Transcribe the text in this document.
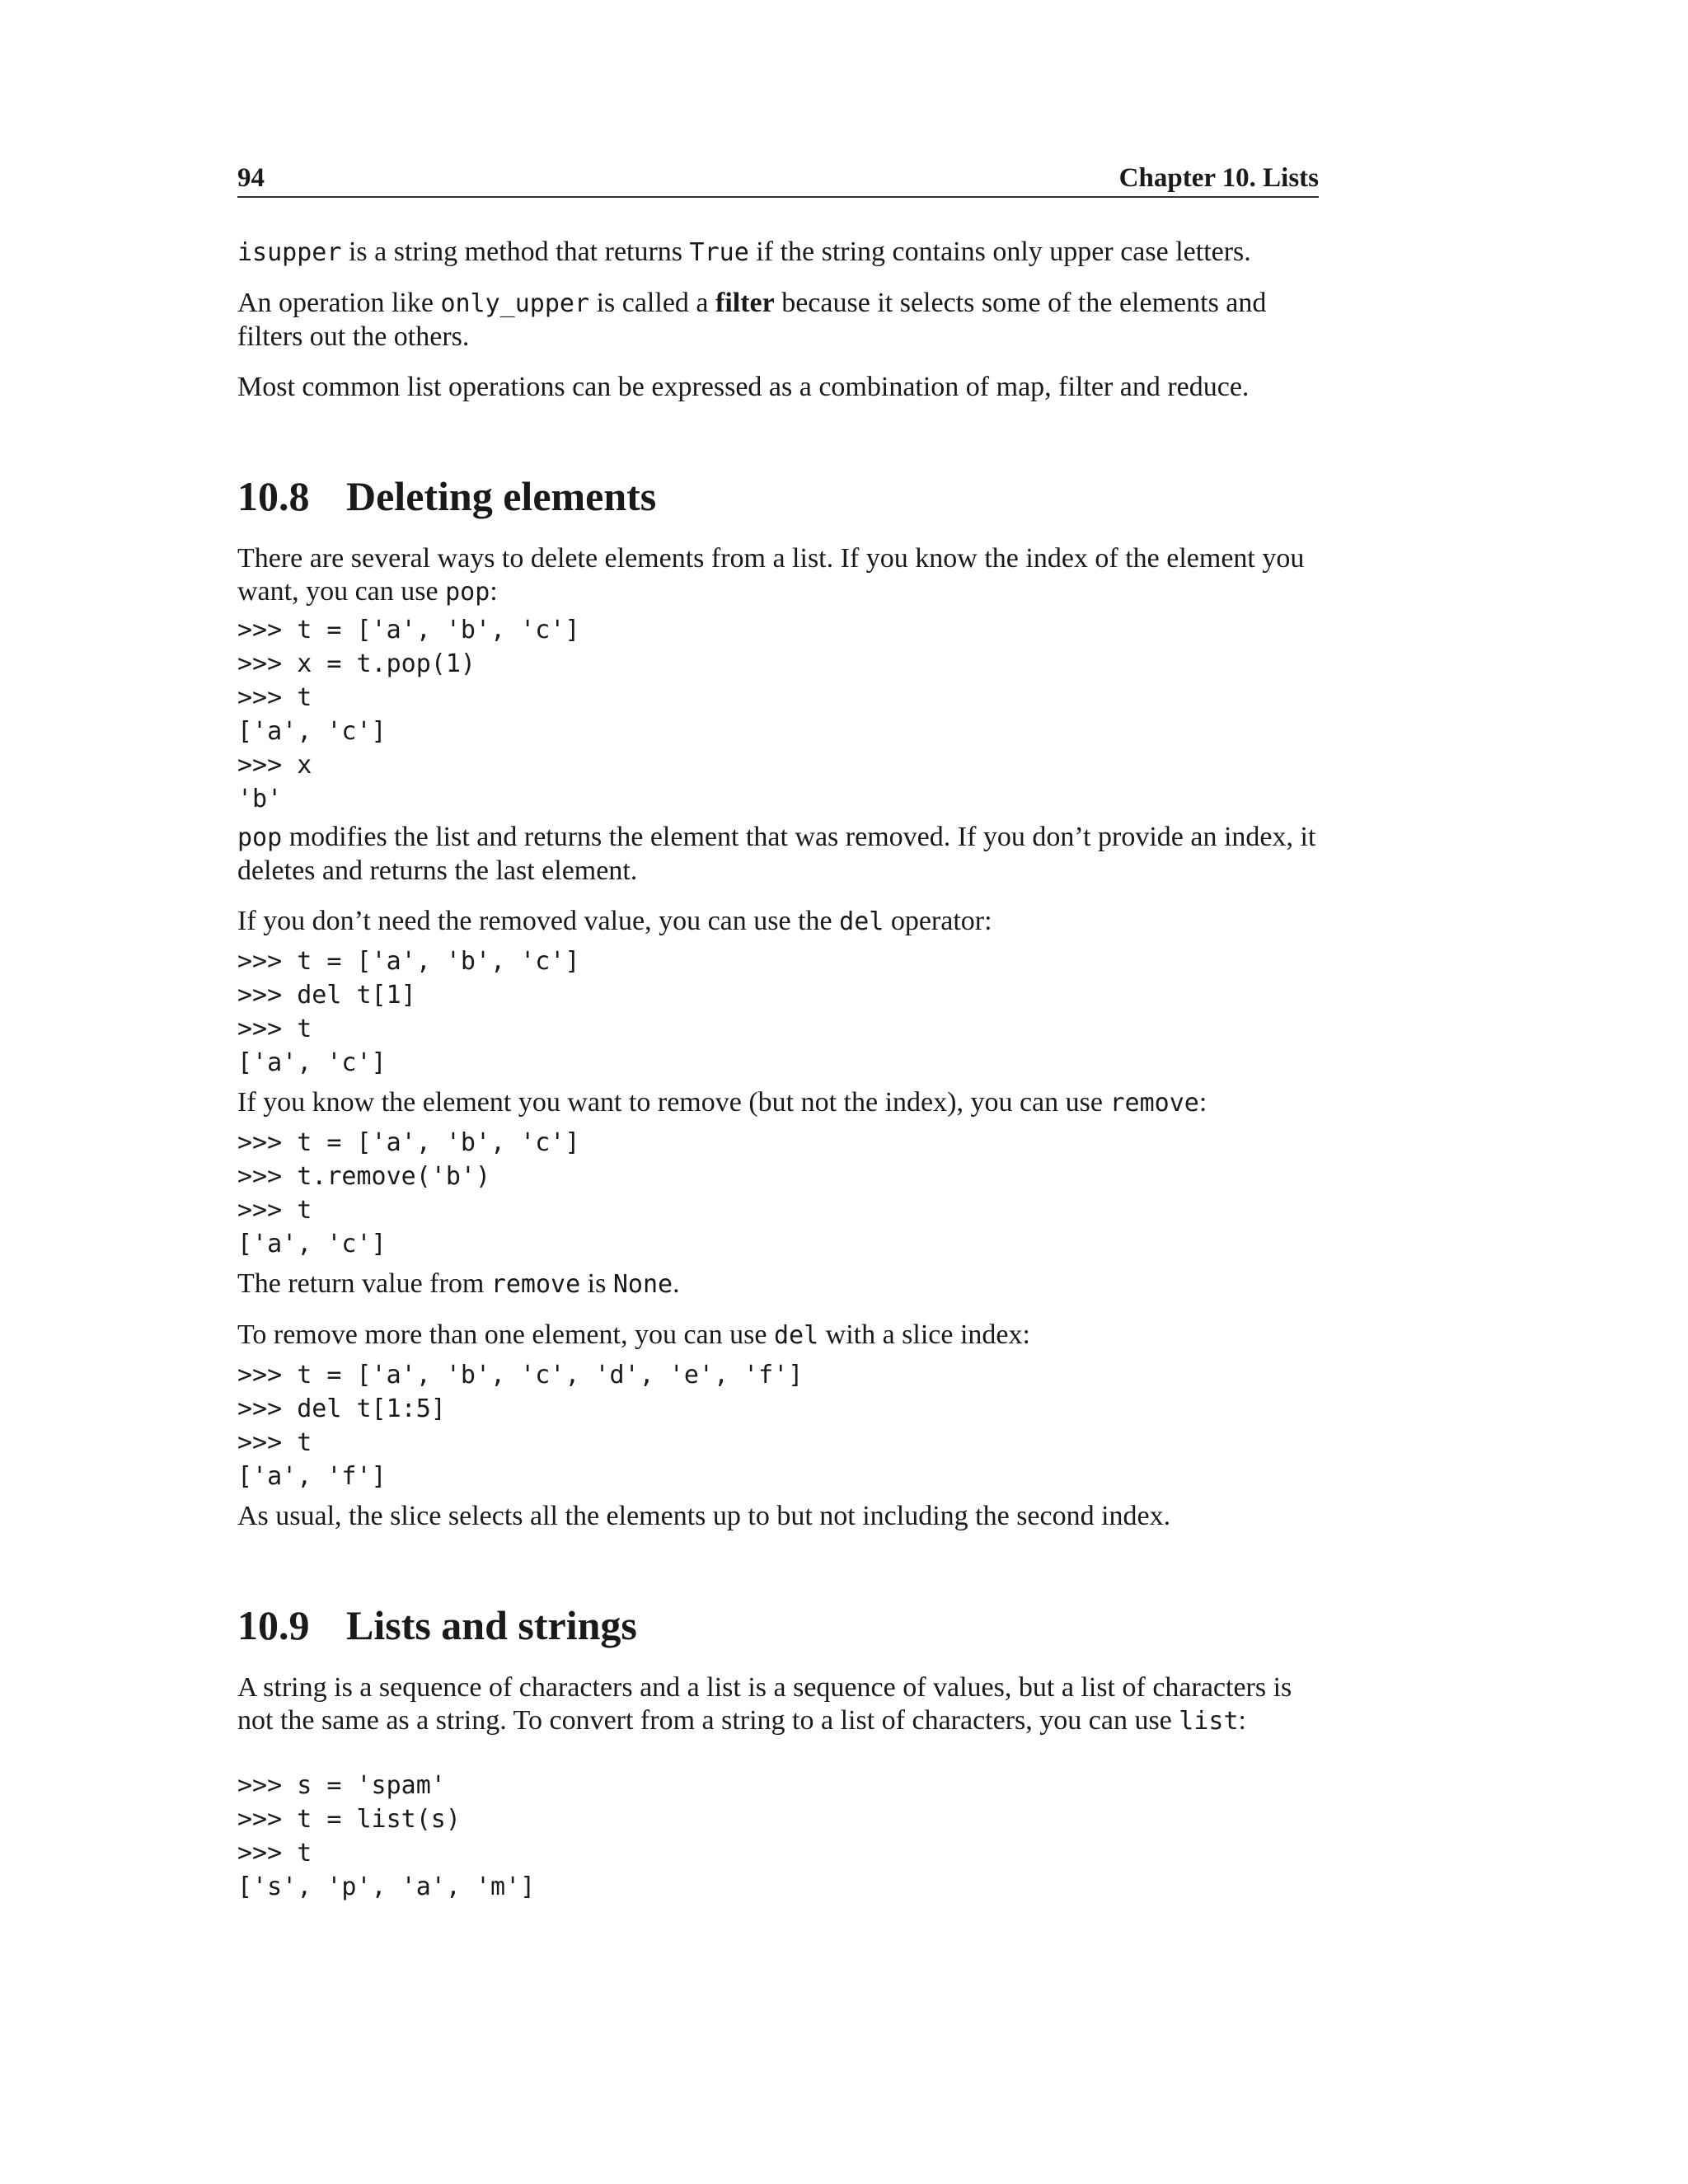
94	Chapter 10. Lists

isupper is a string method that returns True if the string contains only upper case letters.

An operation like only_upper is called a filter because it selects some of the elements and filters out the others.

Most common list operations can be expressed as a combination of map, filter and reduce.

10.8 Deleting elements

There are several ways to delete elements from a list. If you know the index of the element you want, you can use pop:

>>> t = ['a', 'b', 'c']
>>> x = t.pop(1)
>>> t
['a', 'c']
>>> x
'b'

pop modifies the list and returns the element that was removed. If you don’t provide an index, it deletes and returns the last element.

If you don’t need the removed value, you can use the del operator:

>>> t = ['a', 'b', 'c']
>>> del t[1]
>>> t
['a', 'c']

If you know the element you want to remove (but not the index), you can use remove:

>>> t = ['a', 'b', 'c']
>>> t.remove('b')
>>> t
['a', 'c']

The return value from remove is None.

To remove more than one element, you can use del with a slice index:

>>> t = ['a', 'b', 'c', 'd', 'e', 'f']
>>> del t[1:5]
>>> t
['a', 'f']

As usual, the slice selects all the elements up to but not including the second index.

10.9 Lists and strings

A string is a sequence of characters and a list is a sequence of values, but a list of characters is not the same as a string. To convert from a string to a list of characters, you can use list:

>>> s = 'spam'
>>> t = list(s)
>>> t
['s', 'p', 'a', 'm']
